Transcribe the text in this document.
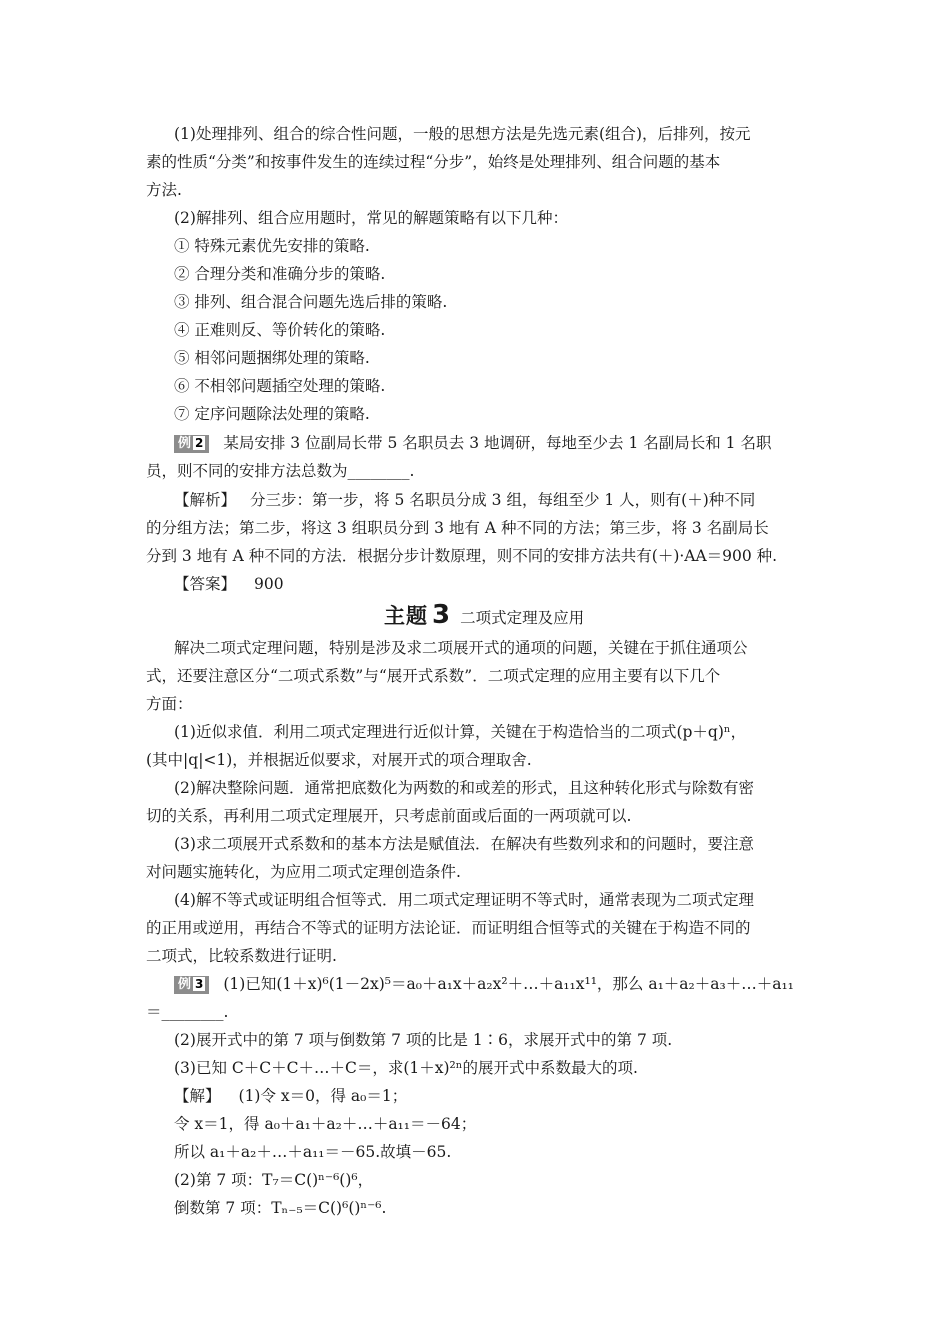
(1)处理排列、组合的综合性问题，一般的思想方法是先选元素(组合)，后排列，按元
素的性质“分类”和按事件发生的连续过程“分步”，始终是处理排列、组合问题的基本
方法.
(2)解排列、组合应用题时，常见的解题策略有以下几种：
① 特殊元素优先安排的策略.
② 合理分类和准确分步的策略.
③ 排列、组合混合问题先选后排的策略.
④ 正难则反、等价转化的策略.
⑤ 相邻问题捆绑处理的策略.
⑥ 不相邻问题插空处理的策略.
⑦ 定序问题除法处理的策略.
例 2 某局安排 3 位副局长带 5 名职员去 3 地调研，每地至少去 1 名副局长和 1 名职
员，则不同的安排方法总数为________.
【解析】 分三步：第一步，将 5 名职员分成 3 组，每组至少 1 人，则有(＋)种不同
的分组方法；第二步，将这 3 组职员分到 3 地有 A 种不同的方法；第三步，将 3 名副局长
分到 3 地有 A 种不同的方法．根据分步计数原理，则不同的安排方法共有(＋)·AA＝900 种.
【答案】 900
主题 3 二项式定理及应用
解决二项式定理问题，特别是涉及求二项展开式的通项的问题，关键在于抓住通项公
式，还要注意区分“二项式系数”与“展开式系数”．二项式定理的应用主要有以下几个
方面：
(1)近似求值．利用二项式定理进行近似计算，关键在于构造恰当的二项式(p＋q)ⁿ，
(其中|q|<1)，并根据近似要求，对展开式的项合理取舍.
(2)解决整除问题．通常把底数化为两数的和或差的形式，且这种转化形式与除数有密
切的关系，再利用二项式定理展开，只考虑前面或后面的一两项就可以.
(3)求二项展开式系数和的基本方法是赋值法．在解决有些数列求和的问题时，要注意
对问题实施转化，为应用二项式定理创造条件.
(4)解不等式或证明组合恒等式．用二项式定理证明不等式时，通常表现为二项式定理
的正用或逆用，再结合不等式的证明方法论证．而证明组合恒等式的关键在于构造不同的
二项式，比较系数进行证明.
例 3 (1)已知(1＋x)⁶(1－2x)⁵＝a₀＋a₁x＋a₂x²＋…＋a₁₁x¹¹，那么 a₁＋a₂＋a₃＋…＋a₁₁
＝________.
(2)展开式中的第 7 项与倒数第 7 项的比是 1∶6，求展开式中的第 7 项.
(3)已知 C＋C＋C＋…＋C＝，求(1＋x)²ⁿ的展开式中系数最大的项.
【解】 (1)令 x＝0，得 a₀＝1；
令 x＝1，得 a₀＋a₁＋a₂＋…＋a₁₁＝－64；
所以 a₁＋a₂＋…＋a₁₁＝－65.故填－65.
(2)第 7 项：T₇＝C()ⁿ⁻⁶()⁶，
倒数第 7 项：Tₙ₋₅＝C()⁶()ⁿ⁻⁶.
